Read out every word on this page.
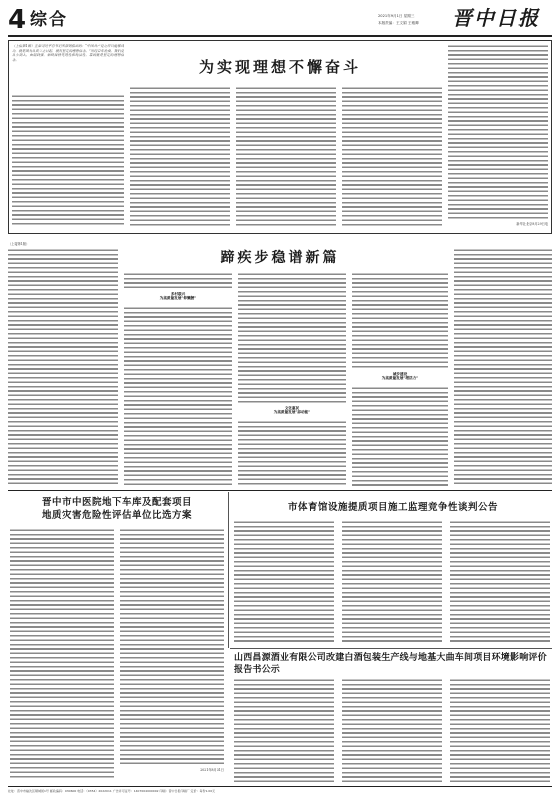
4 综合	2021年9月1日 星期三
本版责编：王文娟 王雅卿 晋中日报
（上接第1版）正如习近平总书记所深刻指出的：“中国共产党之所以能够成功，就是因为从成立之日起，就有坚定的理想信念。”历经百年沧桑，我们党从小到大、由弱到强，始终保持先进性和纯洁性，靠的就是坚定的理想信念。	为实现理想不懈奋斗
新华社北京8月29日电
蹄疾步稳谱新篇
（上接第1版）
多村联兴
为高质量发展“伸懒腰”
文化惠民
为高质量发展“添动能”
城乡建设
为高质量发展“增活力”
晋中市中医院地下车库及配套项目
地质灾害危险性评估单位比选方案
2021年8月31日
市体育馆设施提质项目施工监理竞争性谈判公告
山西昌源酒业有限公司改建白酒包装生产线与地基大曲车间项目环境影响评价报告书公示
社址：晋中市榆次区顺城街1号 邮政编码：030600 电话：（0354）2022011 广告许可证号：1407004000002 印刷：晋中日报印刷厂 定价：每份1.00元
